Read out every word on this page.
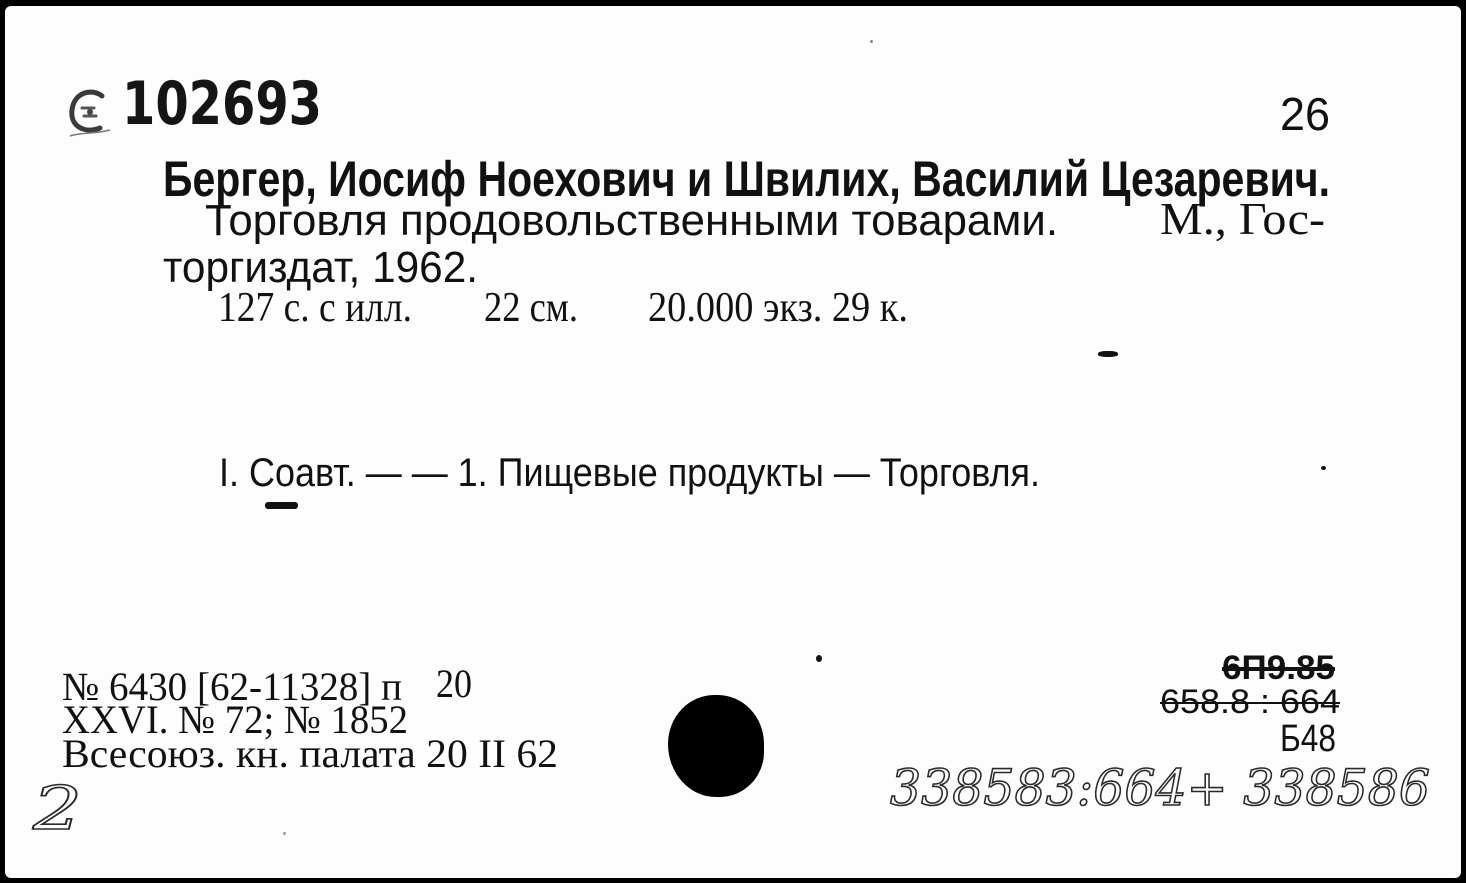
102693	26
Бергер, Иосиф Ноехович и Швилих, Василий Цезаревич.
Торговля продовольственными товарами. М., Гос-
торгиздат, 1962.
127 с. с илл. 22 см. 20.000 экз. 29 к.
I. Соавт. — — 1. Пищевые продукты — Торговля.
№ 6430 [62-11328] п 20
XXVI. № 72; № 1852
Всесоюз. кн. палата 20 II 62
2
6П9.85
658.8 : 664
Б48
338583:664+ 338586
